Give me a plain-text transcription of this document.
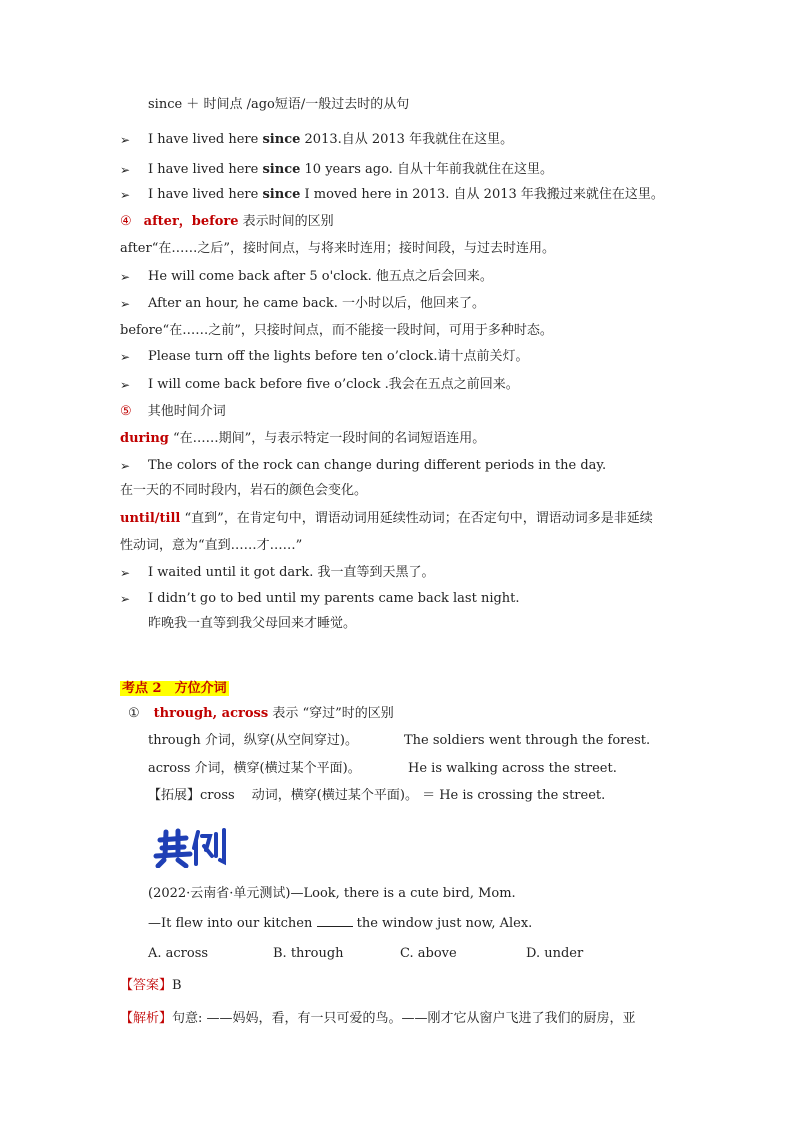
since ＋ 时间点 /ago短语/一般过去时的从句
➢ I have lived here since 2013.自从 2013 年我就住在这里。
➢ I have lived here since 10 years ago. 自从十年前我就住在这里。
➢ I have lived here since I moved here in 2013. 自从 2013 年我搬过来就住在这里。
④ after，before 表示时间的区别
after“在……之后”，接时间点，与将来时连用；接时间段，与过去时连用。
➢ He will come back after 5 o'clock. 他五点之后会回来。
➢ After an hour, he came back. 一小时以后，他回来了。
before“在……之前”，只接时间点，而不能接一段时间，可用于多种时态。
➢ Please turn off the lights before ten o’clock.请十点前关灯。
➢ I will come back before five o’clock .我会在五点之前回来。
⑤ 其他时间介词
during “在……期间”，与表示特定一段时间的名词短语连用。
➢ The colors of the rock can change during different periods in the day.
在一天的不同时段内，岩石的颜色会变化。
until/till “直到”，在肯定句中，谓语动词用延续性动词；在否定句中，谓语动词多是非延续
性动词，意为“直到……才……”
➢ I waited until it got dark. 我一直等到天黑了。
➢ I didn’t go to bed until my parents came back last night.
昨晚我一直等到我父母回来才睡觉。
考点 2　方位介词
① through, across 表示 “穿过”时的区别
through 介词，纵穿(从空间穿过)。	The soldiers went through the forest.
across 介词，横穿(横过某个平面)。	He is walking across the street.
【拓展】cross　 动词，横穿(横过某个平面)。 ＝ He is crossing the street.
(2022·云南省·单元测试)—Look, there is a cute bird, Mom.
—It flew into our kitchen	the window just now, Alex.
A. across	B. through	C. above	D. under
【答案】B
【解析】句意: ——妈妈，看，有一只可爱的鸟。——刚才它从窗户飞进了我们的厨房，亚
